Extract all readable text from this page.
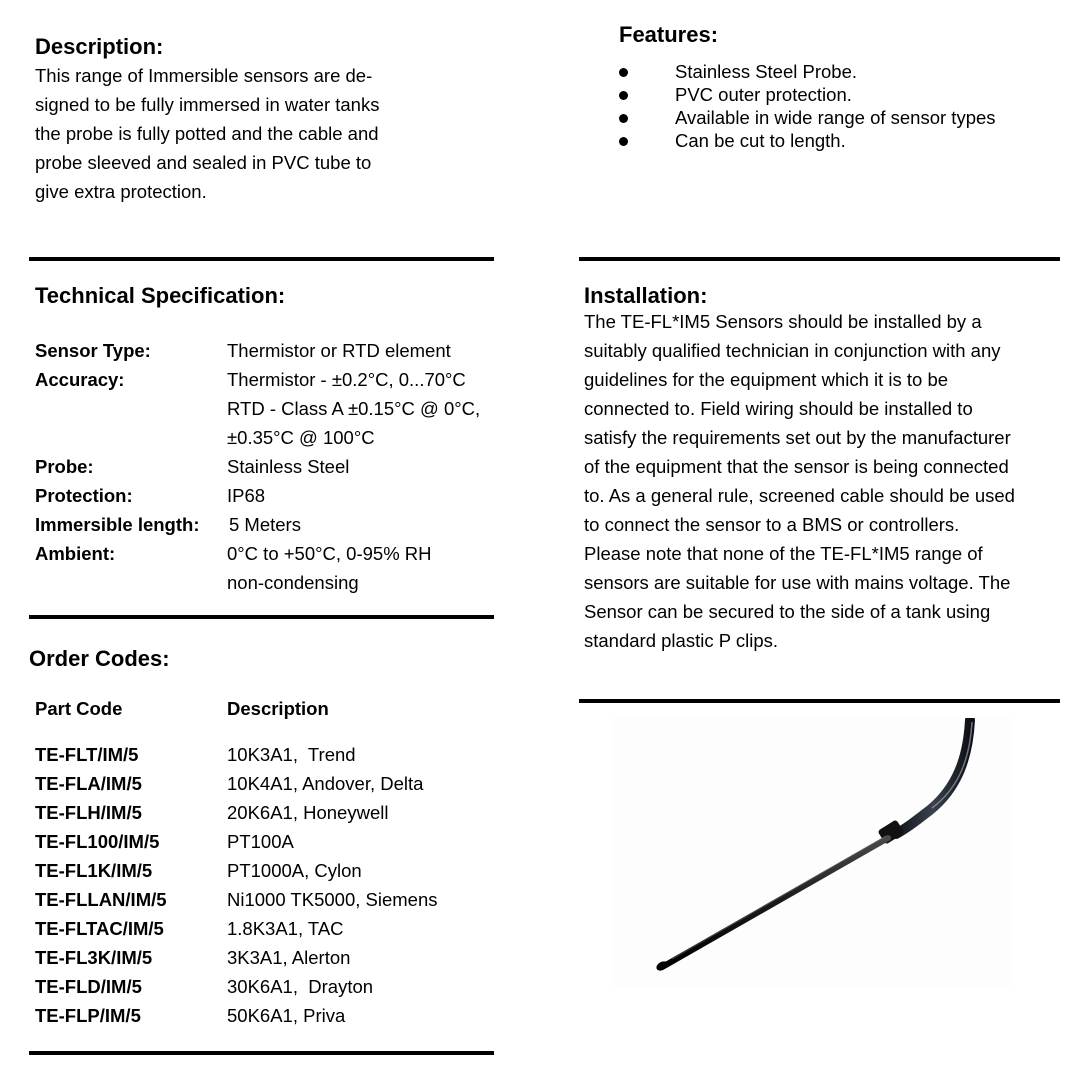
Description:
This range of Immersible sensors are de-
signed to be fully immersed in water tanks
the probe is fully potted and the cable and
probe sleeved and sealed in PVC tube to
give extra protection.
Features:
Stainless Steel Probe.
PVC outer protection.
Available in wide range of sensor types
Can be cut to length.
Technical Specification:
Sensor Type:	Thermistor or RTD element
Accuracy:	Thermistor - ±0.2°C, 0...70°C
RTD - Class A ±0.15°C @ 0°C,
±0.35°C @ 100°C
Probe:	Stainless Steel
Protection:	IP68
Immersible length: 5 Meters
Ambient:	0°C to +50°C, 0-95% RH
non-condensing
Installation:
The TE-FL*IM5 Sensors should be installed by a
suitably qualified technician in conjunction with any
guidelines for the equipment which it is to be
connected to. Field wiring should be installed to
satisfy the requirements set out by the manufacturer
of the equipment that the sensor is being connected
to. As a general rule, screened cable should be used
to connect the sensor to a BMS or controllers.
Please note that none of the TE-FL*IM5 range of
sensors are suitable for use with mains voltage. The
Sensor can be secured to the side of a tank using
standard plastic P clips.
Order Codes:
Part Code	Description
TE-FLT/IM/5	10K3A1,  Trend
TE-FLA/IM/5	10K4A1, Andover, Delta
TE-FLH/IM/5	20K6A1, Honeywell
TE-FL100/IM/5	PT100A
TE-FL1K/IM/5	PT1000A, Cylon
TE-FLLAN/IM/5	Ni1000 TK5000, Siemens
TE-FLTAC/IM/5	1.8K3A1, TAC
TE-FL3K/IM/5	3K3A1, Alerton
TE-FLD/IM/5	30K6A1,  Drayton
TE-FLP/IM/5	50K6A1, Priva
